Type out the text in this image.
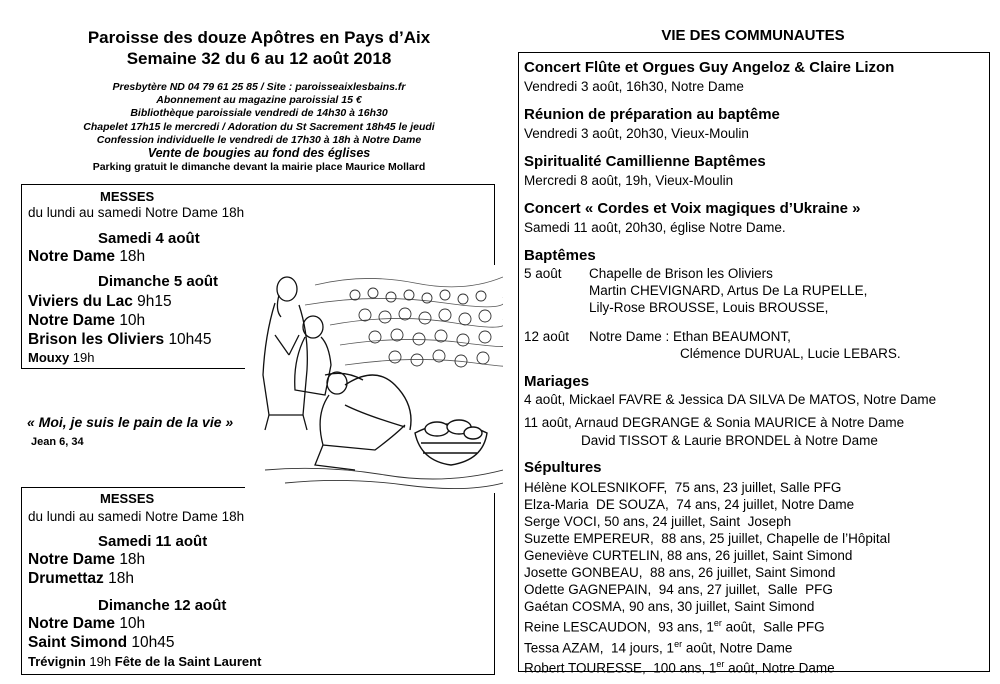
Paroisse des douze Apôtres en Pays d’Aix
Semaine 32 du 6 au 12 août 2018
Presbytère ND 04 79 61 25 85 / Site : paroisseaixlesbains.fr
Abonnement au magazine paroissial 15 €
Bibliothèque paroissiale vendredi de 14h30 à 16h30
Chapelet 17h15 le mercredi / Adoration du St Sacrement 18h45 le jeudi
Confession individuelle le vendredi de 17h30 à 18h à Notre Dame
Vente de bougies au fond des églises
Parking gratuit le dimanche devant la mairie place Maurice Mollard
MESSES
du lundi au samedi Notre Dame 18h
Samedi 4 août
Notre Dame 18h
Dimanche 5 août
Viviers du Lac 9h15
Notre Dame 10h
Brison les Oliviers 10h45
Mouxy 19h
« Moi, je suis le pain de la vie »
Jean 6, 34
MESSES
du lundi au samedi Notre Dame 18h
Samedi 11 août
Notre Dame 18h
Drumettaz 18h
Dimanche 12 août
Notre Dame 10h
Saint Simond 10h45
Trévignin 19h Fête de la Saint Laurent
VIE DES COMMUNAUTES
Concert Flûte et Orgues Guy Angeloz & Claire Lizon
Vendredi 3 août, 16h30, Notre Dame
Réunion de préparation au baptême
Vendredi 3 août, 20h30, Vieux-Moulin
Spiritualité Camillienne Baptêmes
Mercredi 8 août, 19h, Vieux-Moulin
Concert « Cordes et Voix magiques d’Ukraine »
Samedi 11 août, 20h30, église Notre Dame.
Baptêmes
5 août Chapelle de Brison les Oliviers
Martin CHEVIGNARD, Artus De La RUPELLE,
Lily-Rose BROUSSE, Louis BROUSSE,
12 août Notre Dame : Ethan BEAUMONT,
Clémence DURUAL, Lucie LEBARS.
Mariages
4 août, Mickael FAVRE & Jessica DA SILVA De MATOS, Notre Dame
11 août, Arnaud DEGRANGE & Sonia MAURICE à Notre Dame
David TISSOT & Laurie BRONDEL à Notre Dame
Sépultures
Hélène KOLESNIKOFF,  75 ans, 23 juillet, Salle PFG
Elza-Maria  DE SOUZA,  74 ans, 24 juillet, Notre Dame
Serge VOCI, 50 ans, 24 juillet, Saint  Joseph
Suzette EMPEREUR,  88 ans, 25 juillet, Chapelle de l’Hôpital
Geneviève CURTELIN, 88 ans, 26 juillet, Saint Simond
Josette GONBEAU,  88 ans, 26 juillet, Saint Simond
Odette GAGNEPAIN,  94 ans, 27 juillet,  Salle  PFG
Gaétan COSMA, 90 ans, 30 juillet, Saint Simond
Reine LESCAUDON,  93 ans, 1er août,  Salle PFG
Tessa AZAM,  14 jours, 1er août, Notre Dame
Robert TOURESSE,  100 ans, 1er août, Notre Dame
